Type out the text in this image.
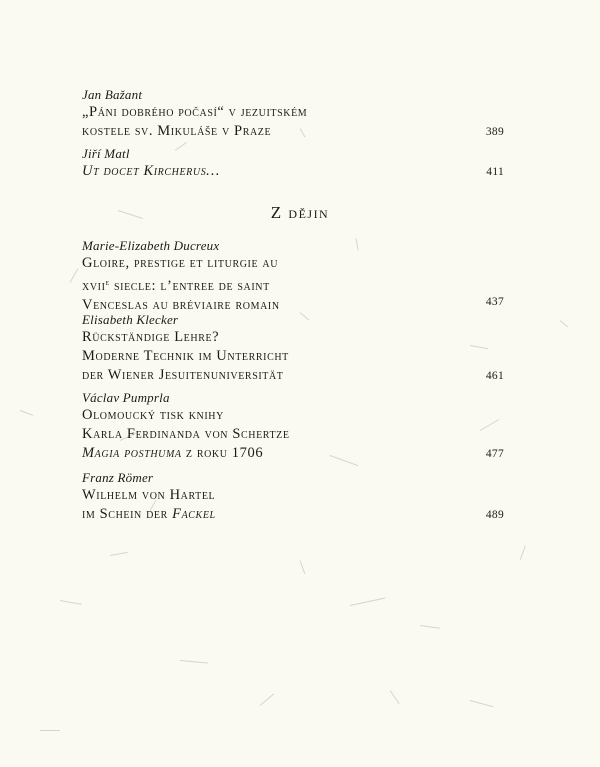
Jan Bažant
„Páni dobrého počasí“ v jezuitském
kostele sv. Mikuláše v Praze	389
Jiří Matl
Ut docet Kircherus…	411
Z dějin
Marie-Elizabeth Ducreux
Gloire, prestige et liturgie au
xvii$^e$ siecle: l’entree de saint
Venceslas au bréviaire romain	437
Elisabeth Klecker
Rückständige Lehre?
Moderne Technik im Unterricht
der Wiener Jesuitenuniversität	461
Václav Pumprla
Olomoucký tisk knihy
Karla Ferdinanda von Schertze
Magia posthuma z roku 1706	477
Franz Römer
Wilhelm von Hartel
im Schein der Fackel	489
